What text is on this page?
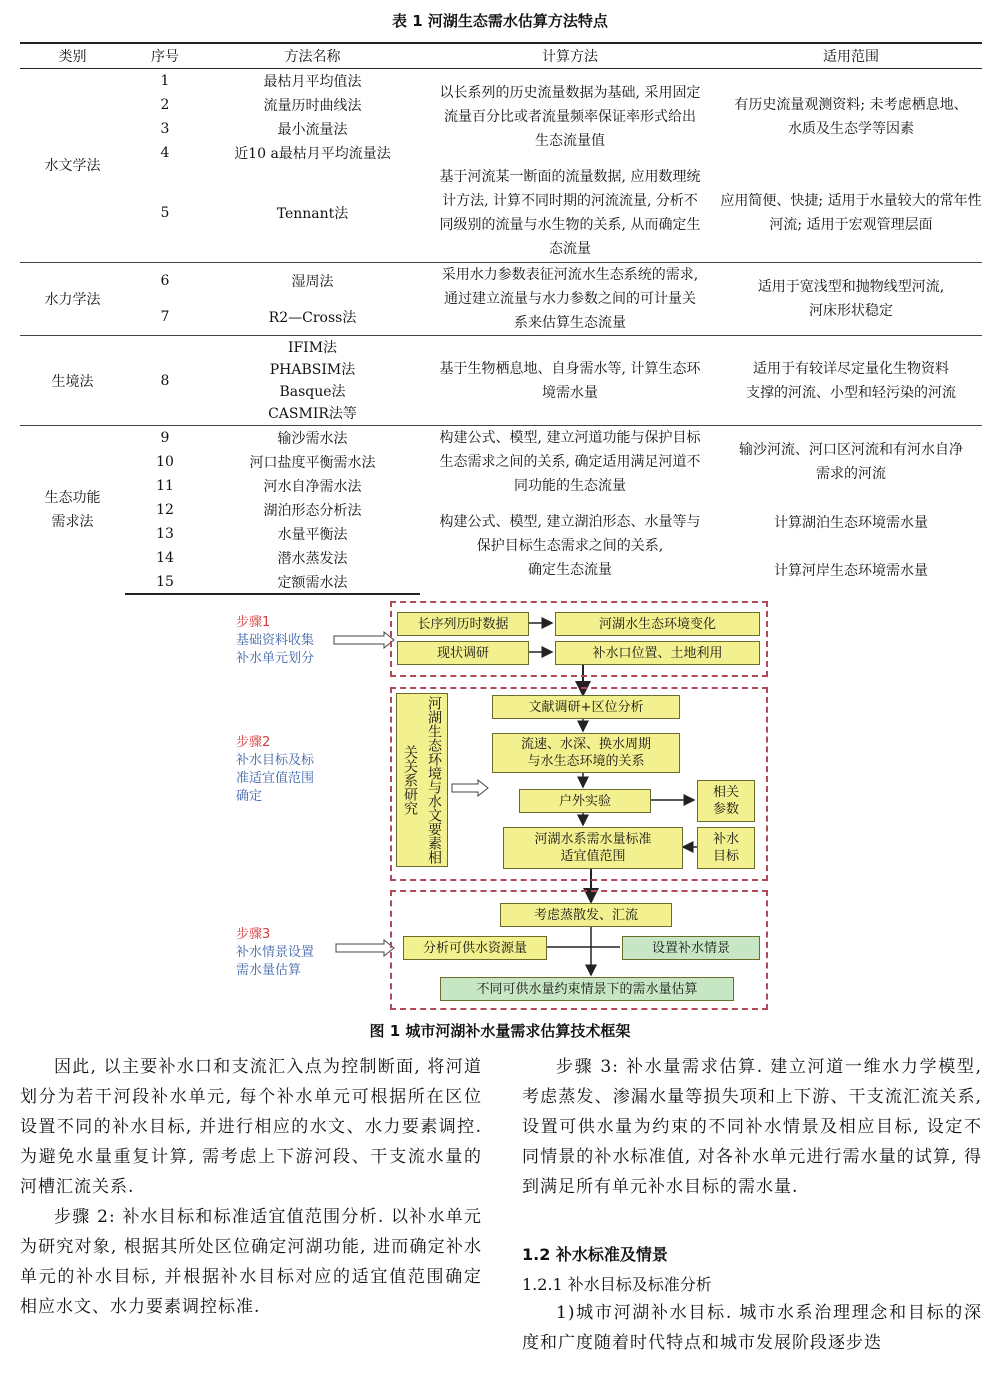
表 1 河湖生态需水估算方法特点
类别	序号	方法名称	计算方法	适用范围
水文学法	1	最枯月平均值法	以长系列的历史流量数据为基础, 采用固定
流量百分比或者流量频率保证率形式给出
生态流量值	有历史流量观测资料; 未考虑栖息地、
水质及生态学等因素
	2	流量历时曲线法		
	3	最小流量法		
	4	近10 a最枯月平均流量法		
	5	Tennant法	基于河流某一断面的流量数据, 应用数理统
计方法, 计算不同时期的河流流量, 分析不
同级别的流量与水生物的关系, 从而确定生
态流量	应用简便、快捷; 适用于水量较大的常年性
河流; 适用于宏观管理层面
水力学法	6	湿周法	采用水力参数表征河流水生态系统的需求,
通过建立流量与水力参数之间的可计量关
系来估算生态流量	适用于宽浅型和抛物线型河流,
河床形状稳定
	7	R2—Cross法		
生境法	8	IFIM法
PHABSIM法
Basque法
CASMIR法等	基于生物栖息地、自身需水等, 计算生态环
境需水量	适用于有较详尽定量化生物资料
支撑的河流、小型和轻污染的河流
生态功能
需求法	9	输沙需水法	构建公式、模型, 建立河道功能与保护目标
生态需求之间的关系, 确定适用满足河道不
同功能的生态流量	输沙河流、河口区河流和有河水自净
需求的河流
	10	河口盐度平衡需水法		
	11	河水自净需水法		
	12	湖泊形态分析法	构建公式、模型, 建立湖泊形态、水量等与
保护目标生态需求之间的关系,
确定生态流量	计算湖泊生态环境需水量
	13	水量平衡法		
	14	潜水蒸发法		计算河岸生态环境需水量
	15	定额需水法		
步骤1
基础资料收集
补水单元划分
步骤2
补水目标及标
准适宜值范围
确定
步骤3
补水情景设置
需水量估算
长序列历时数据	河湖水生态环境变化
现状调研	补水口位置、土地利用
河湖生态环境与水文要素相关关系研究
文献调研+区位分析
流速、水深、换水周期
与水生态环境的关系
户外实验
相关
参数
河湖水系需水量标准
适宜值范围
补水
目标
考虑蒸散发、汇流
分析可供水资源量	设置补水情景
不同可供水量约束情景下的需水量估算
图 1 城市河湖补水量需求估算技术框架

因此, 以主要补水口和支流汇入点为控制断面, 将河道划分为若干河段补水单元, 每个补水单元可根据所在区位设置不同的补水目标, 并进行相应的水文、水力要素调控. 为避免水量重复计算, 需考虑上下游河段、干支流水量的河槽汇流关系.

步骤 2: 补水目标和标准适宜值范围分析. 以补水单元为研究对象, 根据其所处区位确定河湖功能, 进而确定补水单元的补水目标, 并根据补水目标对应的适宜值范围确定相应水文、水力要素调控标准.

步骤 3: 补水量需求估算. 建立河道一维水力学模型, 考虑蒸发、渗漏水量等损失项和上下游、干支流汇流关系, 设置可供水量为约束的不同补水情景及相应目标, 设定不同情景的补水标准值, 对各补水单元进行需水量的试算, 得到满足所有单元补水目标的需水量.

1.2 补水标准及情景
1.2.1 补水目标及标准分析

1)城市河湖补水目标. 城市水系治理理念和目标的深度和广度随着时代特点和城市发展阶段逐步迭
